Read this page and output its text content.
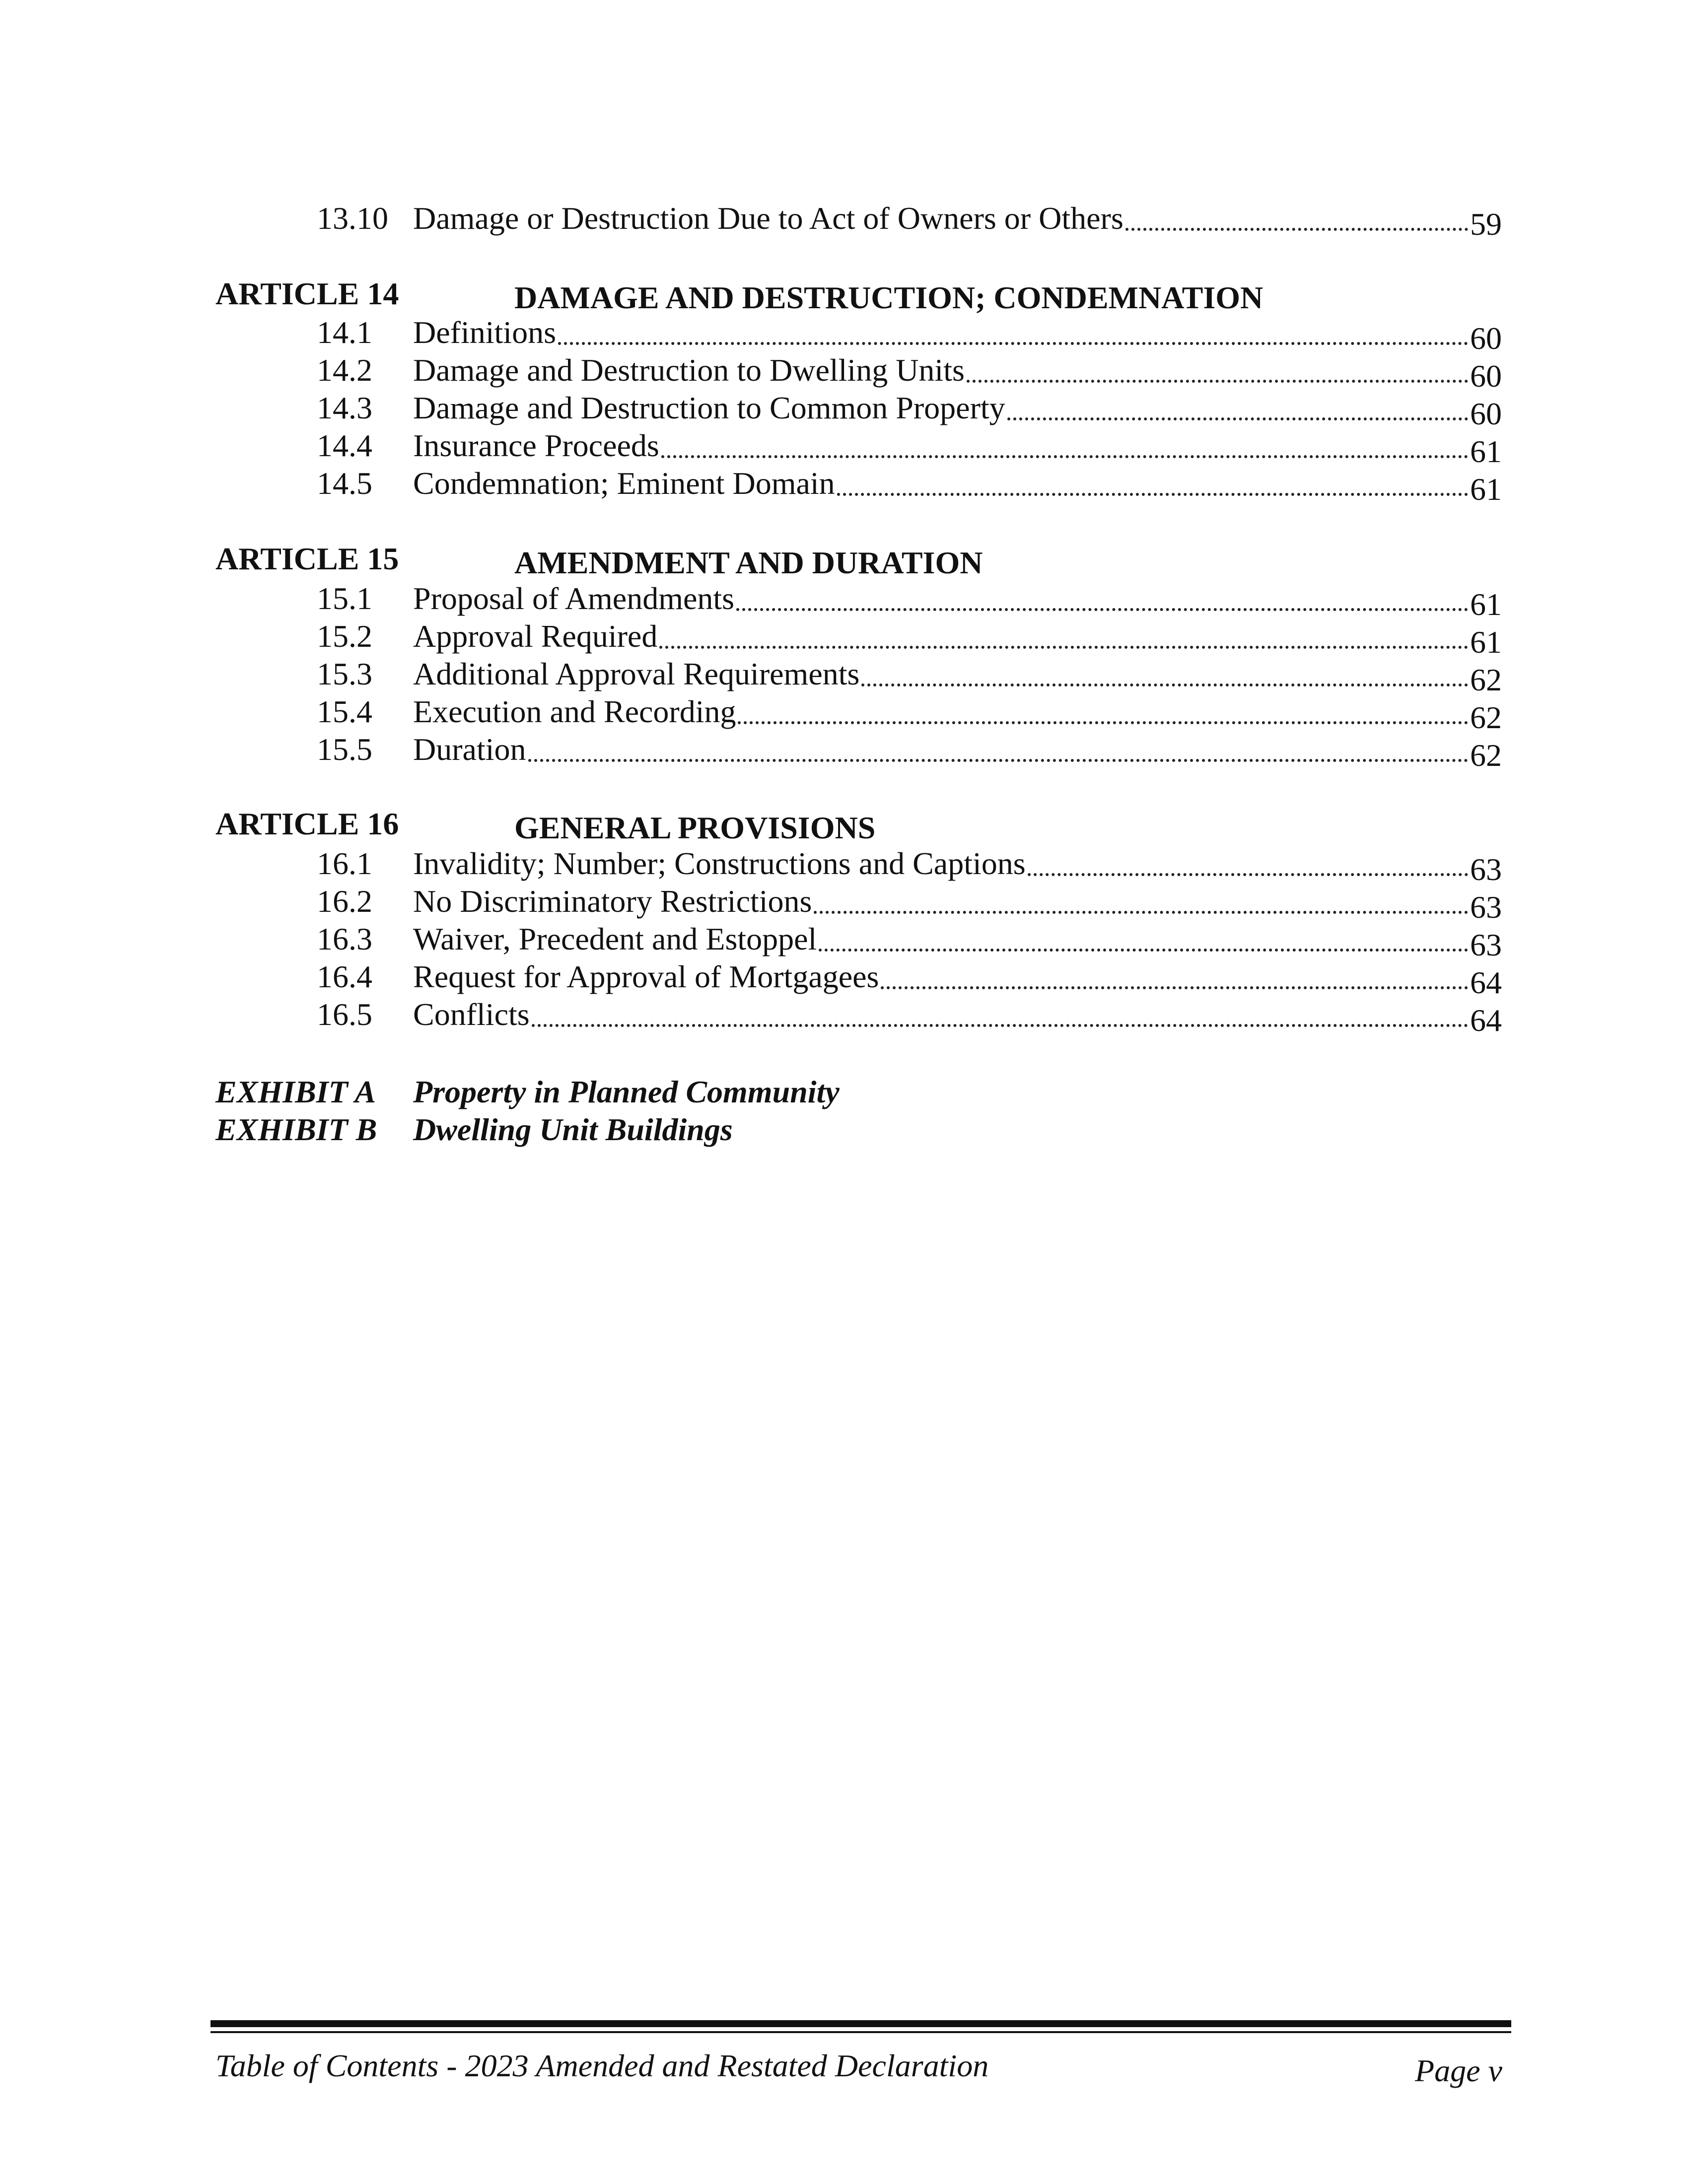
13.10 Damage or Destruction Due to Act of Owners or Others	59
ARTICLE 14	DAMAGE AND DESTRUCTION; CONDEMNATION
14.1 Definitions	60
14.2 Damage and Destruction to Dwelling Units	60
14.3 Damage and Destruction to Common Property	60
14.4 Insurance Proceeds	61
14.5 Condemnation; Eminent Domain	61
ARTICLE 15	AMENDMENT AND DURATION
15.1 Proposal of Amendments	61
15.2 Approval Required	61
15.3 Additional Approval Requirements	62
15.4 Execution and Recording	62
15.5 Duration	62
ARTICLE 16	GENERAL PROVISIONS
16.1 Invalidity; Number; Constructions and Captions	63
16.2 No Discriminatory Restrictions	63
16.3 Waiver, Precedent and Estoppel	63
16.4 Request for Approval of Mortgagees	64
16.5 Conflicts	64
EXHIBIT A Property in Planned Community
EXHIBIT B Dwelling Unit Buildings
Table of Contents - 2023 Amended and Restated Declaration	Page v
